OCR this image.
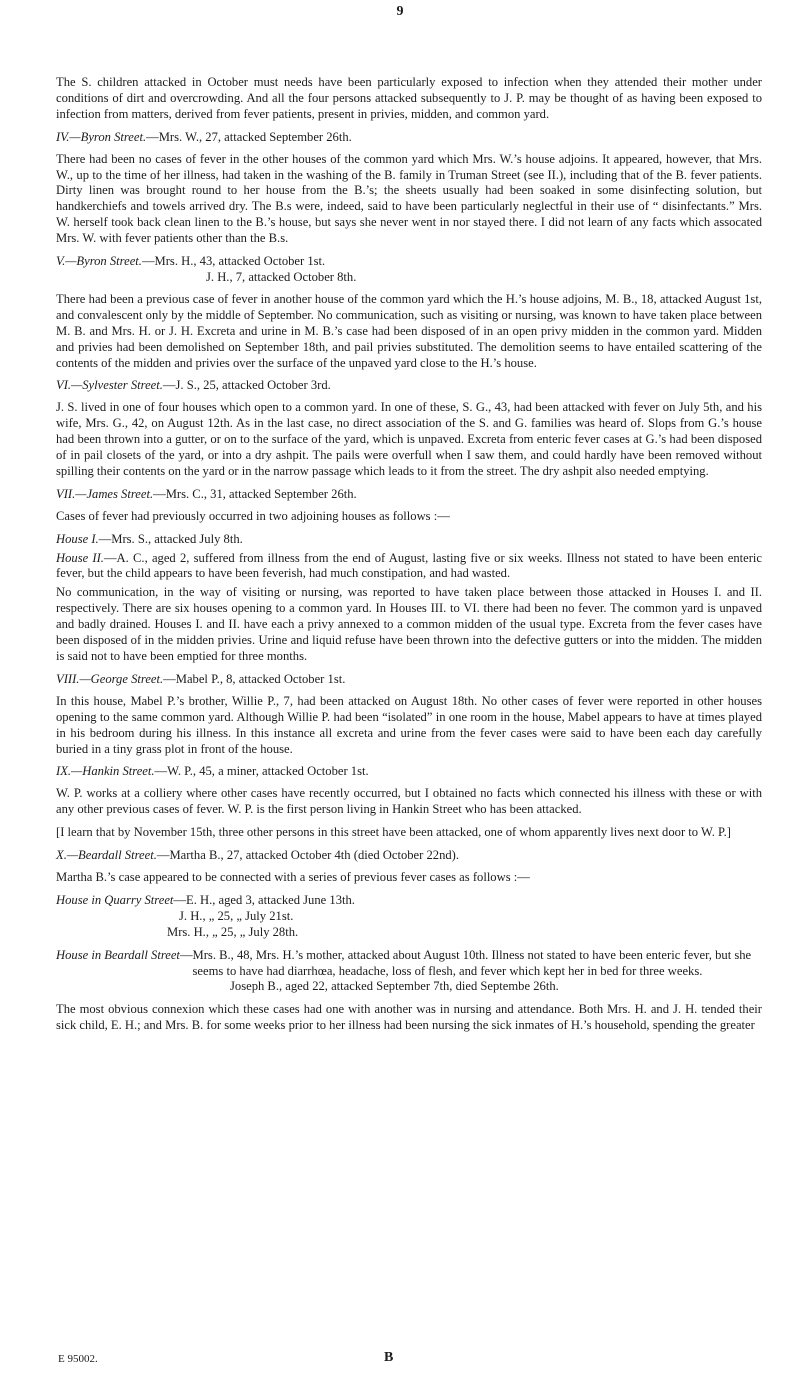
9

The S. children attacked in October must needs have been particularly exposed to infection when they attended their mother under conditions of dirt and overcrowding. And all the four persons attacked subsequently to J. P. may be thought of as having been exposed to infection from matters, derived from fever patients, present in privies, midden, and common yard.

IV.—Byron Street.—Mrs. W., 27, attacked September 26th.

There had been no cases of fever in the other houses of the common yard which Mrs. W.’s house adjoins. It appeared, however, that Mrs. W., up to the time of her illness, had taken in the washing of the B. family in Truman Street (see II.), including that of the B. fever patients. Dirty linen was brought round to her house from the B.’s; the sheets usually had been soaked in some disinfecting solution, but handkerchiefs and towels arrived dry. The B.s were, indeed, said to have been particularly neglectful in their use of “ disinfectants.” Mrs. W. herself took back clean linen to the B.’s house, but says she never went in nor stayed there. I did not learn of any facts which assocated Mrs. W. with fever patients other than the B.s.

V.—Byron Street.—Mrs. H., 43, attacked October 1st.
J. H., 7, attacked October 8th.

There had been a previous case of fever in another house of the common yard which the H.’s house adjoins, M. B., 18, attacked August 1st, and convalescent only by the middle of September. No communication, such as visiting or nursing, was known to have taken place between M. B. and Mrs. H. or J. H. Excreta and urine in M. B.’s case had been disposed of in an open privy midden in the common yard. Midden and privies had been demolished on September 18th, and pail privies substituted. The demolition seems to have entailed scattering of the contents of the midden and privies over the surface of the unpaved yard close to the H.’s house.

VI.—Sylvester Street.—J. S., 25, attacked October 3rd.

J. S. lived in one of four houses which open to a common yard. In one of these, S. G., 43, had been attacked with fever on July 5th, and his wife, Mrs. G., 42, on August 12th. As in the last case, no direct association of the S. and G. families was heard of. Slops from G.’s house had been thrown into a gutter, or on to the surface of the yard, which is unpaved. Excreta from enteric fever cases at G.’s had been disposed of in pail closets of the yard, or into a dry ashpit. The pails were overfull when I saw them, and could hardly have been removed without spilling their contents on the yard or in the narrow passage which leads to it from the street. The dry ashpit also needed emptying.

VII.—James Street.—Mrs. C., 31, attacked September 26th.

Cases of fever had previously occurred in two adjoining houses as follows :—

House I.—Mrs. S., attacked July 8th.

House II.—A. C., aged 2, suffered from illness from the end of August, lasting five or six weeks. Illness not stated to have been enteric fever, but the child appears to have been feverish, had much constipation, and had wasted.

No communication, in the way of visiting or nursing, was reported to have taken place between those attacked in Houses I. and II. respectively. There are six houses opening to a common yard. In Houses III. to VI. there had been no fever. The common yard is unpaved and badly drained. Houses I. and II. have each a privy annexed to a common midden of the usual type. Excreta from the fever cases have been disposed of in the midden privies. Urine and liquid refuse have been thrown into the defective gutters or into the midden. The midden is said not to have been emptied for three months.

VIII.—George Street.—Mabel P., 8, attacked October 1st.

In this house, Mabel P.’s brother, Willie P., 7, had been attacked on August 18th. No other cases of fever were reported in other houses opening to the same common yard. Although Willie P. had been “isolated” in one room in the house, Mabel appears to have at times played in his bedroom during his illness. In this instance all excreta and urine from the fever cases were said to have been each day carefully buried in a tiny grass plot in front of the house.

IX.—Hankin Street.—W. P., 45, a miner, attacked October 1st.

W. P. works at a colliery where other cases have recently occurred, but I obtained no facts which connected his illness with these or with any other previous cases of fever. W. P. is the first person living in Hankin Street who has been attacked.

[I learn that by November 15th, three other persons in this street have been attacked, one of whom apparently lives next door to W. P.]

X.—Beardall Street.—Martha B., 27, attacked October 4th (died October 22nd).

Martha B.’s case appeared to be connected with a series of previous fever cases as follows :—

House in Quarry Street — E. H., aged 3, attacked June 13th.
J. H., „ 25, „ July 21st.
Mrs. H., „ 25, „ July 28th.
House in Beardall Street — Mrs. B., 48, Mrs. H.’s mother, attacked about August 10th. Illness not stated to have been enteric fever, but she seems to have had diarrhœa, headache, loss of flesh, and fever which kept her in bed for three weeks.
Joseph B., aged 22, attacked September 7th, died Septembe 26th.

The most obvious connexion which these cases had one with another was in nursing and attendance. Both Mrs. H. and J. H. tended their sick child, E. H.; and Mrs. B. for some weeks prior to her illness had been nursing the sick inmates of H.’s household, spending the greater

E 95002.	B
